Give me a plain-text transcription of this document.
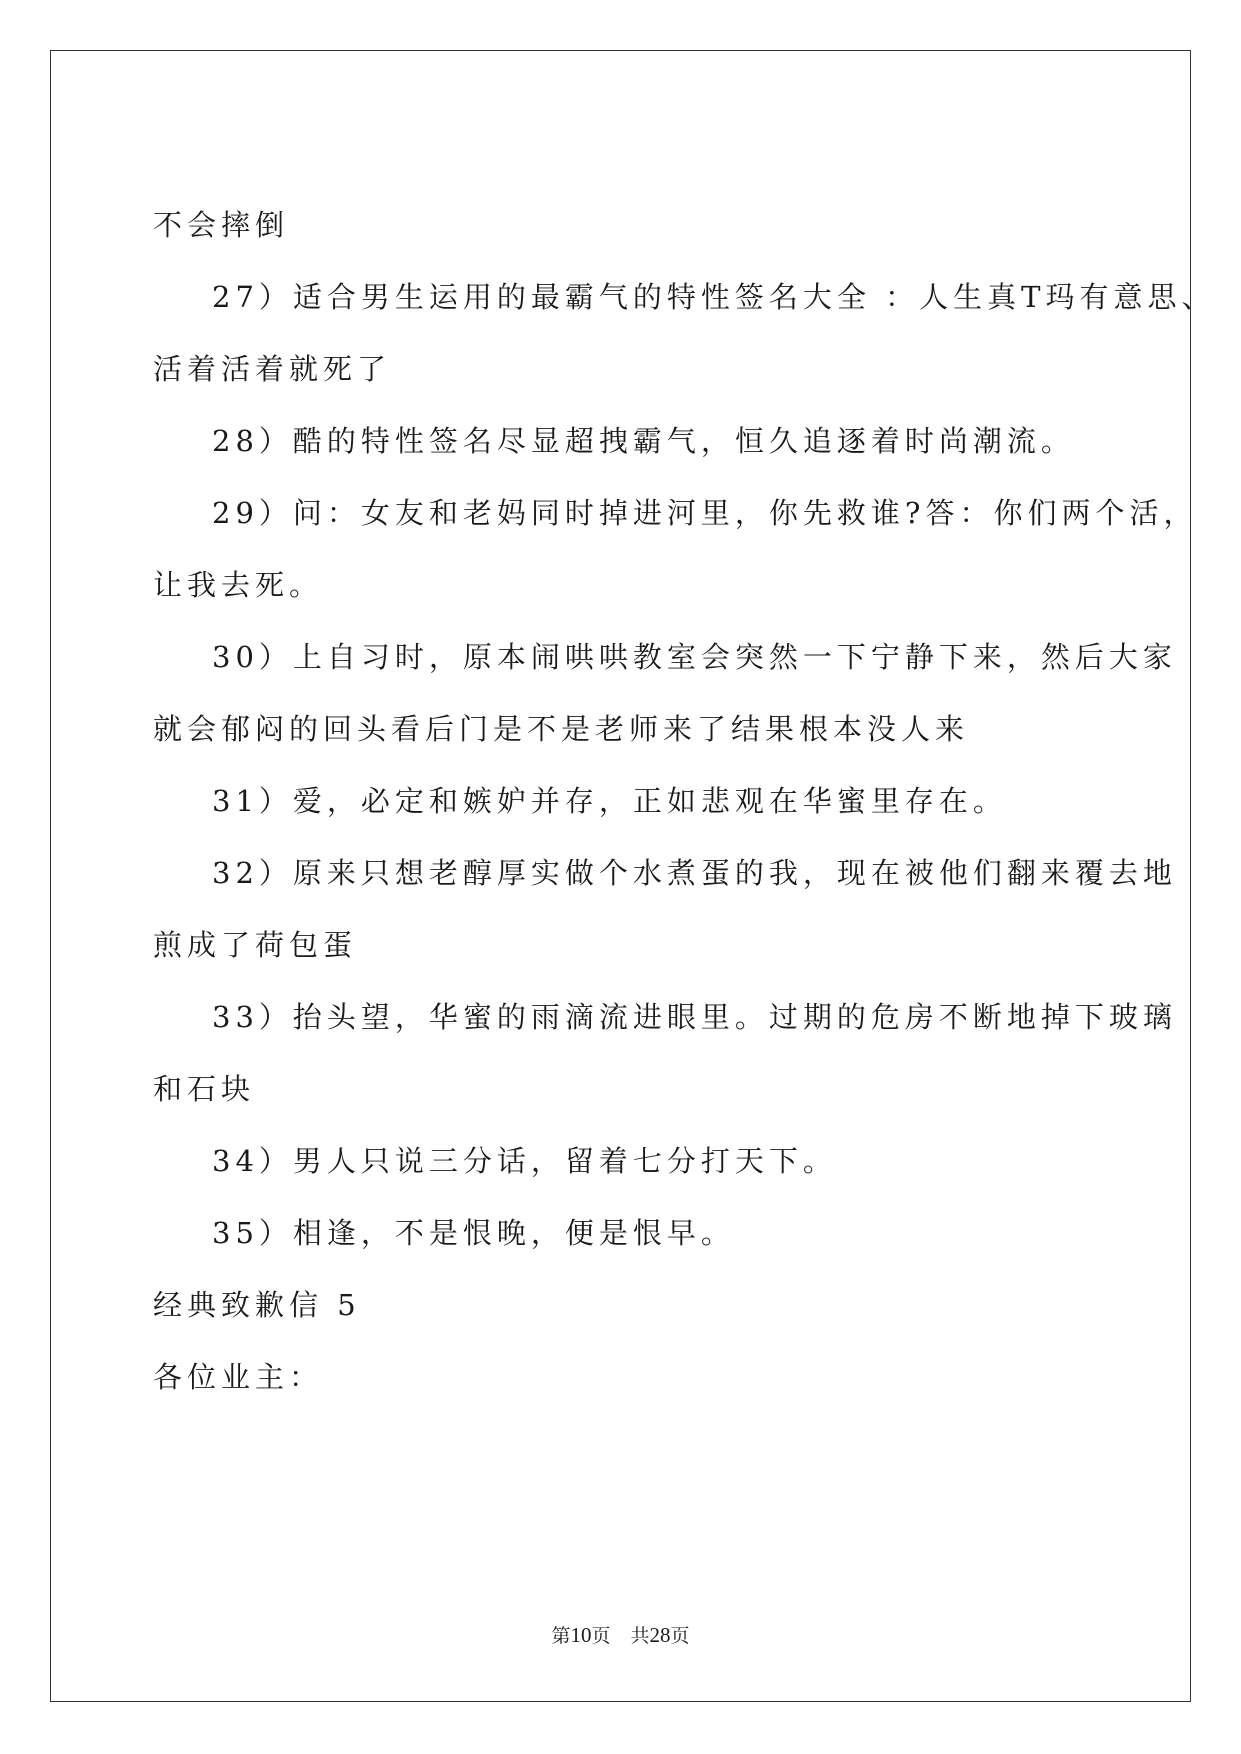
不会摔倒

27）适合男生运用的最霸气的特性签名大全 ：人生真T玛有意思、

活着活着就死了

28）酷的特性签名尽显超拽霸气，恒久追逐着时尚潮流。

29）问：女友和老妈同时掉进河里，你先救谁?答：你们两个活，

让我去死。

30）上自习时，原本闹哄哄教室会突然一下宁静下来，然后大家

就会郁闷的回头看后门是不是老师来了结果根本没人来

31）爱，必定和嫉妒并存，正如悲观在华蜜里存在。

32）原来只想老醇厚实做个水煮蛋的我，现在被他们翻来覆去地

煎成了荷包蛋

33）抬头望，华蜜的雨滴流进眼里。过期的危房不断地掉下玻璃

和石块

34）男人只说三分话，留着七分打天下。

35）相逢，不是恨晚，便是恨早。

经典致歉信 5

各位业主：

第10页 共28页
